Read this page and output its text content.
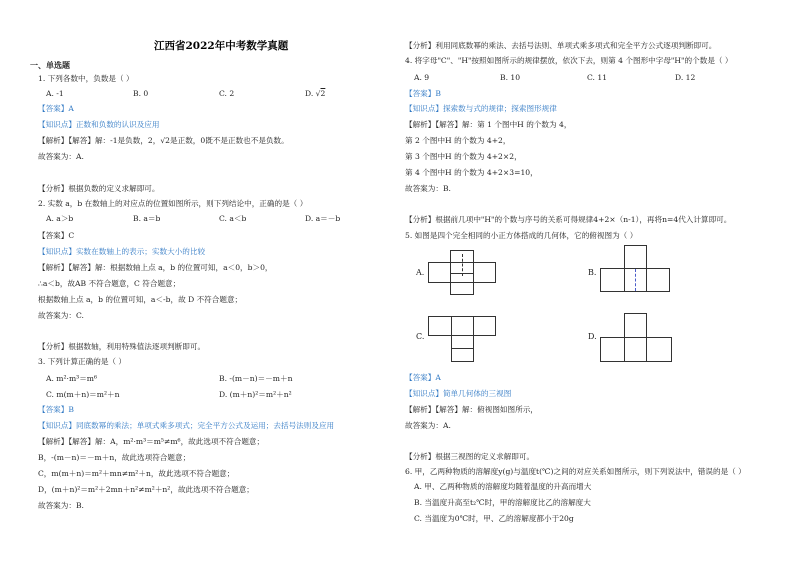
江西省2022年中考数学真题
一、单选题
1. 下列各数中，负数是（ ）
A. -1	B. 0	C. 2	D. √2
【答案】A
【知识点】正数和负数的认识及应用
【解析】【解答】解：-1是负数，2，√2是正数，0既不是正数也不是负数。
故答案为：A.
【分析】根据负数的定义求解即可。
2. 实数 a，b 在数轴上的对应点的位置如图所示，则下列结论中，正确的是（ ）
A. a＞b	B. a＝b	C. a＜b	D. a＝－b
【答案】C
【知识点】实数在数轴上的表示；实数大小的比较
【解析】【解答】解：根据数轴上点 a，b 的位置可知，a＜0，b＞0，
∴a＜b，故AB 不符合题意，C 符合题意；
根据数轴上点 a，b 的位置可知，a＜-b，故 D 不符合题意；
故答案为：C.
【分析】根据数轴，利用特殊值法逐项判断即可。
3. 下列计算正确的是（ ）
A. m²·m³＝m⁶	B. -(m－n)＝－m＋n
C. m(m＋n)＝m²＋n	D. (m＋n)²＝m²＋n²
【答案】B
【知识点】同底数幂的乘法；单项式乘多项式；完全平方公式及运用；去括号法则及应用
【解析】【解答】解：A，m²·m³＝m⁵≠m⁶，故此选项不符合题意；
B，-(m－n)＝－m＋n，故此选项符合题意；
C，m(m＋n)＝m²＋mn≠m²＋n，故此选项不符合题意；
D，(m＋n)²＝m²＋2mn＋n²≠m²＋n²，故此选项不符合题意；
故答案为：B.
【分析】利用同底数幂的乘法、去括号法则、单项式乘多项式和完全平方公式逐项判断即可。
4. 将字母"C"、"H"按照如图所示的规律摆放，依次下去，则第 4 个图形中字母"H"的个数是（ ）
A. 9	B. 10	C. 11	D. 12
【答案】B
【知识点】探索数与式的规律；探索图形规律
【解析】【解答】解：第 1 个图中H 的个数为 4，
第 2 个图中H 的个数为 4+2，
第 3 个图中H 的个数为 4+2×2，
第 4 个图中H 的个数为 4+2×3=10，
故答案为：B.
【分析】根据前几项中"H"的个数与序号的关系可得规律4+2×（n-1），再将n=4代入计算即可。
5. 如图是四个完全相同的小正方体搭成的几何体，它的俯视图为（ ）
A.	B.
C.	D.
【答案】A
【知识点】简单几何体的三视图
【解析】【解答】解：俯视图如图所示，
故答案为：A.
【分析】根据三视图的定义求解即可。
6. 甲，乙两种物质的溶解度y(g)与温度t(℃)之间的对应关系如图所示，则下列说法中，错误的是（ ）
A. 甲、乙两种物质的溶解度均随着温度的升高而增大
B. 当温度升高至t₂℃时，甲的溶解度比乙的溶解度大
C. 当温度为0℃时，甲、乙的溶解度都小于20g
